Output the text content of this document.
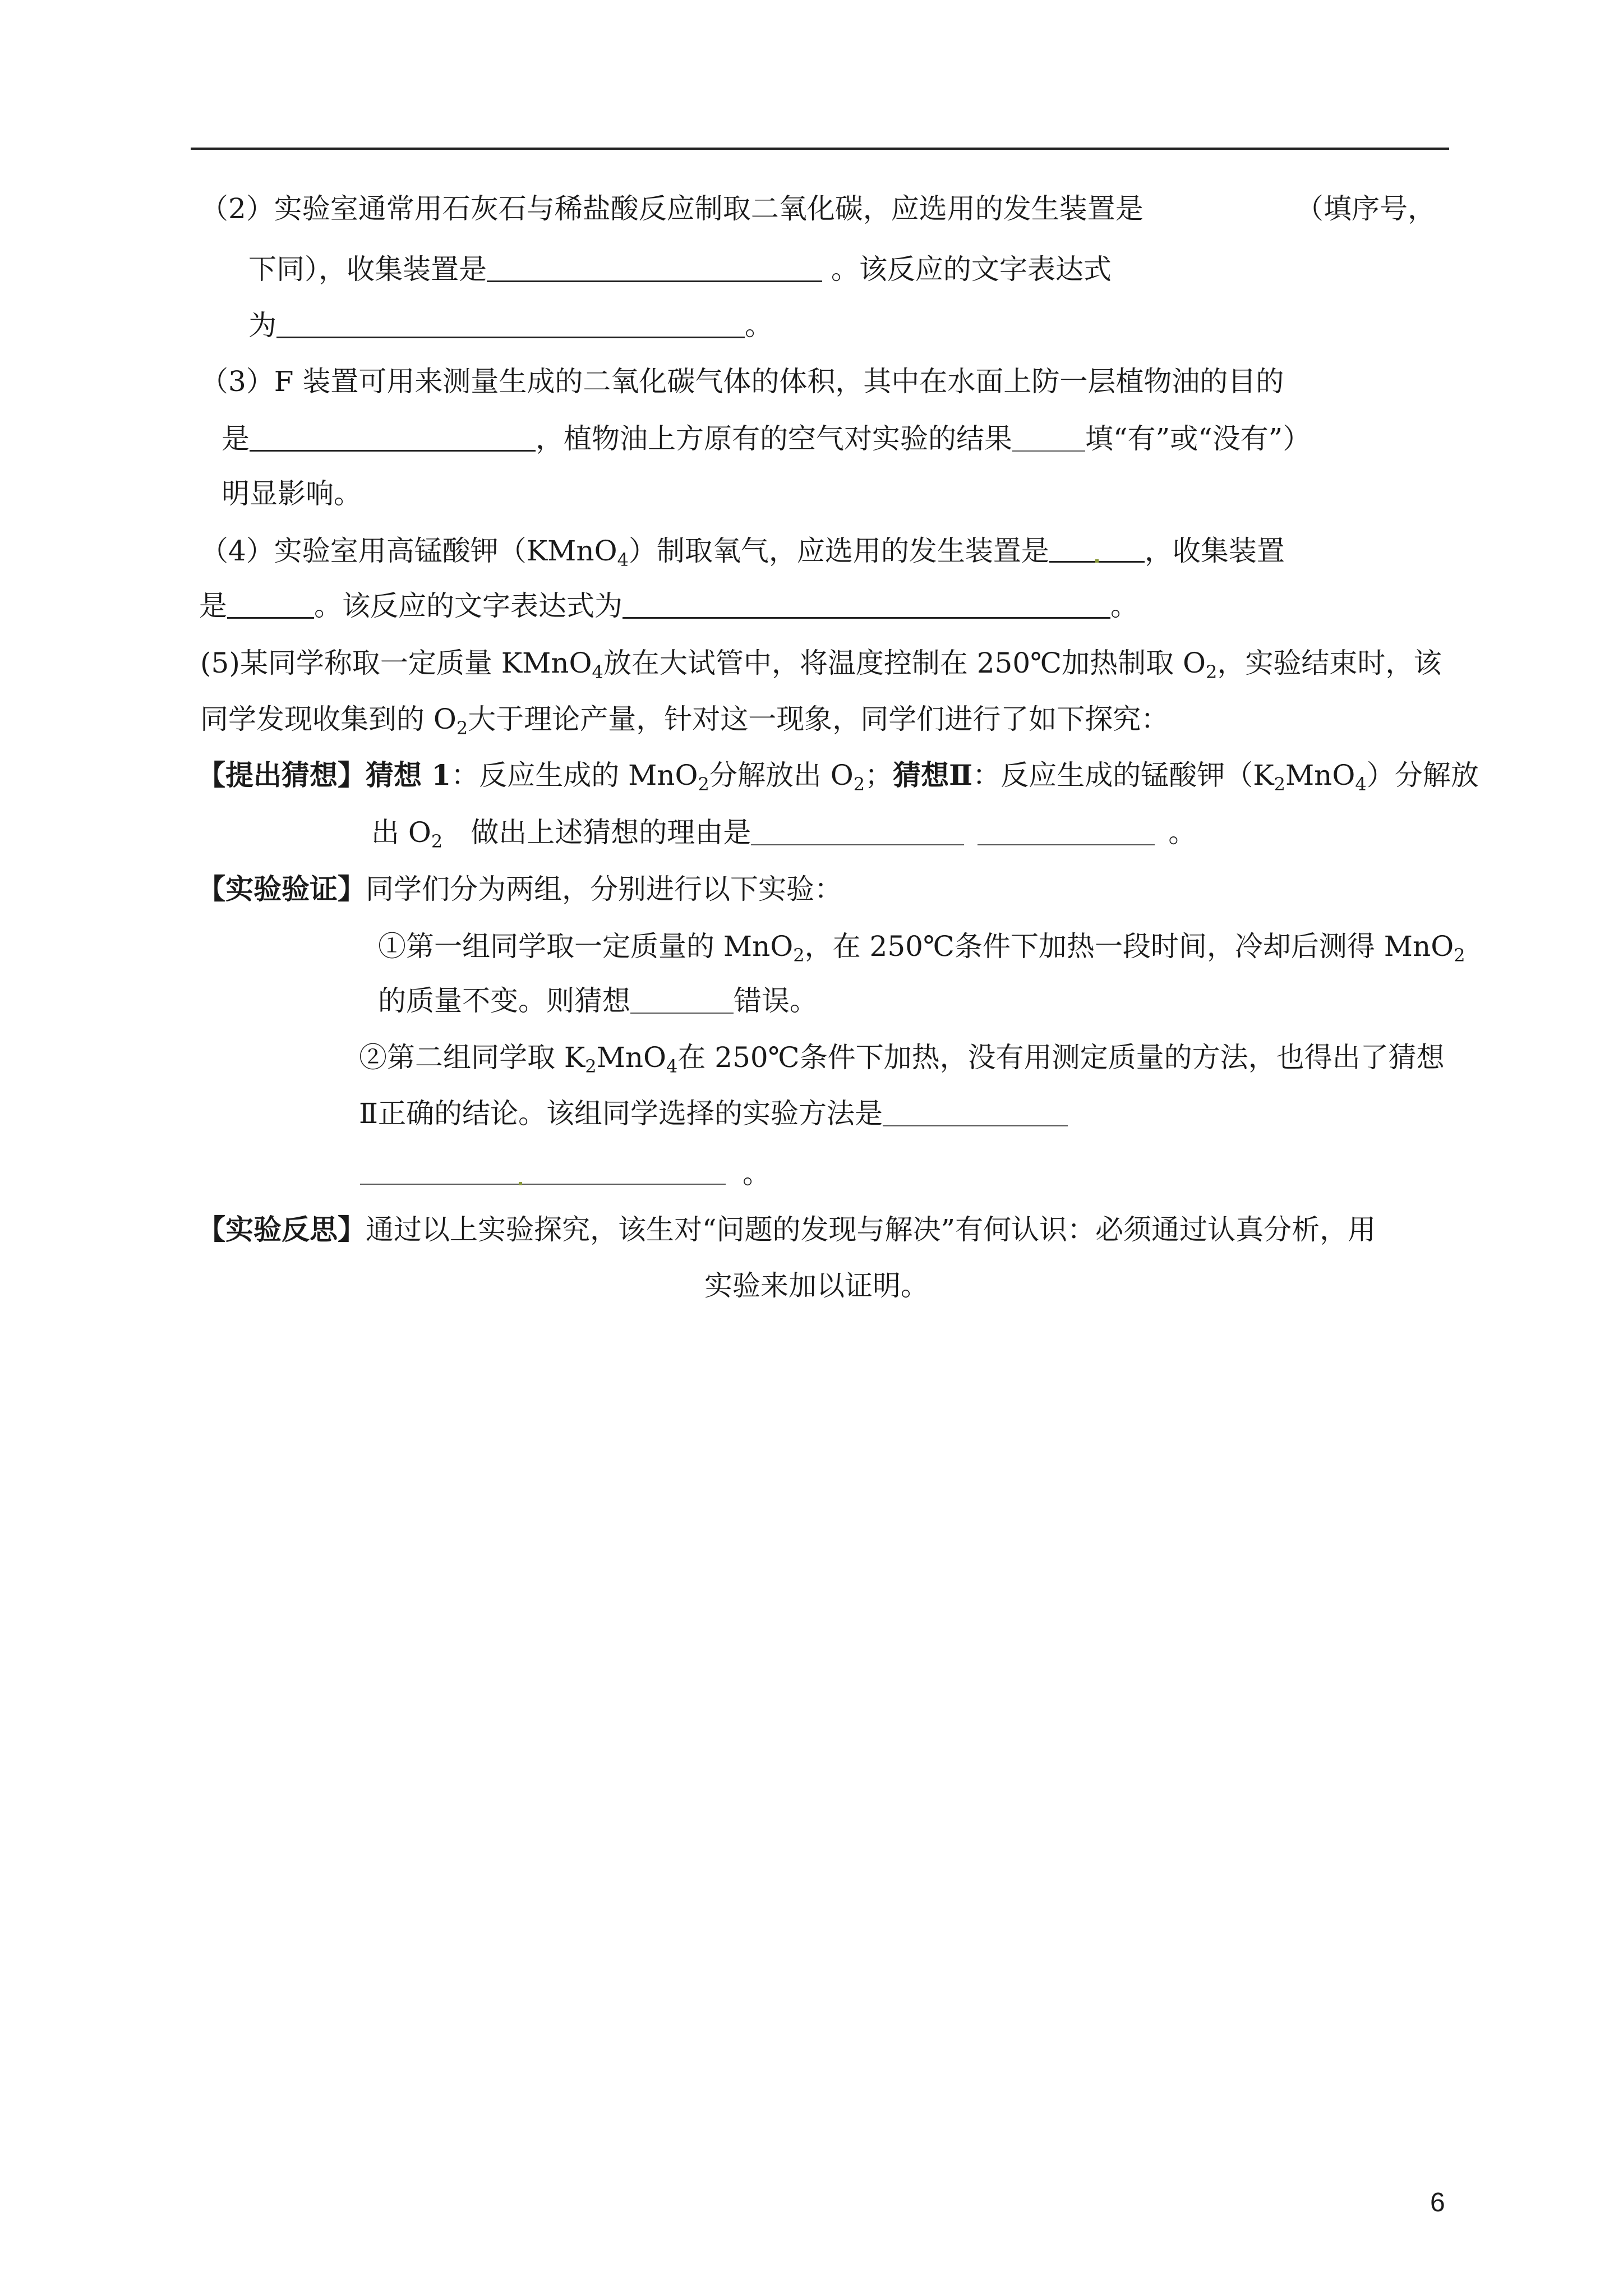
（2）实验室通常用石灰石与稀盐酸反应制取二氧化碳，应选用的发生装置是	（填序号，
下同），收集装置是	。该反应的文字表达式
为	。
（3）F 装置可用来测量生成的二氧化碳气体的体积，其中在水面上防一层植物油的目的
是	，植物油上方原有的空气对实验的结果	填“有”或“没有”）
明显影响。
（4）实验室用高锰酸钾（KMnO$_4$）制取氧气，应选用的发生装置是	，收集装置
是	。该反应的文字表达式为	。
(5)某同学称取一定质量 KMnO$_4$放在大试管中，将温度控制在 250℃加热制取 $O_2$，实验结束时，该
同学发现收集到的 $O_2$大于理论产量，针对这一现象，同学们进行了如下探究：
【提出猜想】猜想 1：反应生成的 MnO$_2$分解放出 $O_2$；猜想Ⅱ：反应生成的锰酸钾$(K_2MnO_4)$分解放
出 $O_2$ 做出上述猜想的理由是	。
【实验验证】同学们分为两组，分别进行以下实验：
①第一组同学取一定质量的 MnO$_2$，在 250℃条件下加热一段时间，冷却后测得 MnO$_2$
的质量不变。则猜想	错误。
②第二组同学取 $K_2MnO_4$在 250℃条件下加热，没有用测定质量的方法，也得出了猜想
Ⅱ正确的结论。该组同学选择的实验方法是
。
【实验反思】通过以上实验探究，该生对“问题的发现与解决”有何认识：必须通过认真分析，用
实验来加以证明。
6
